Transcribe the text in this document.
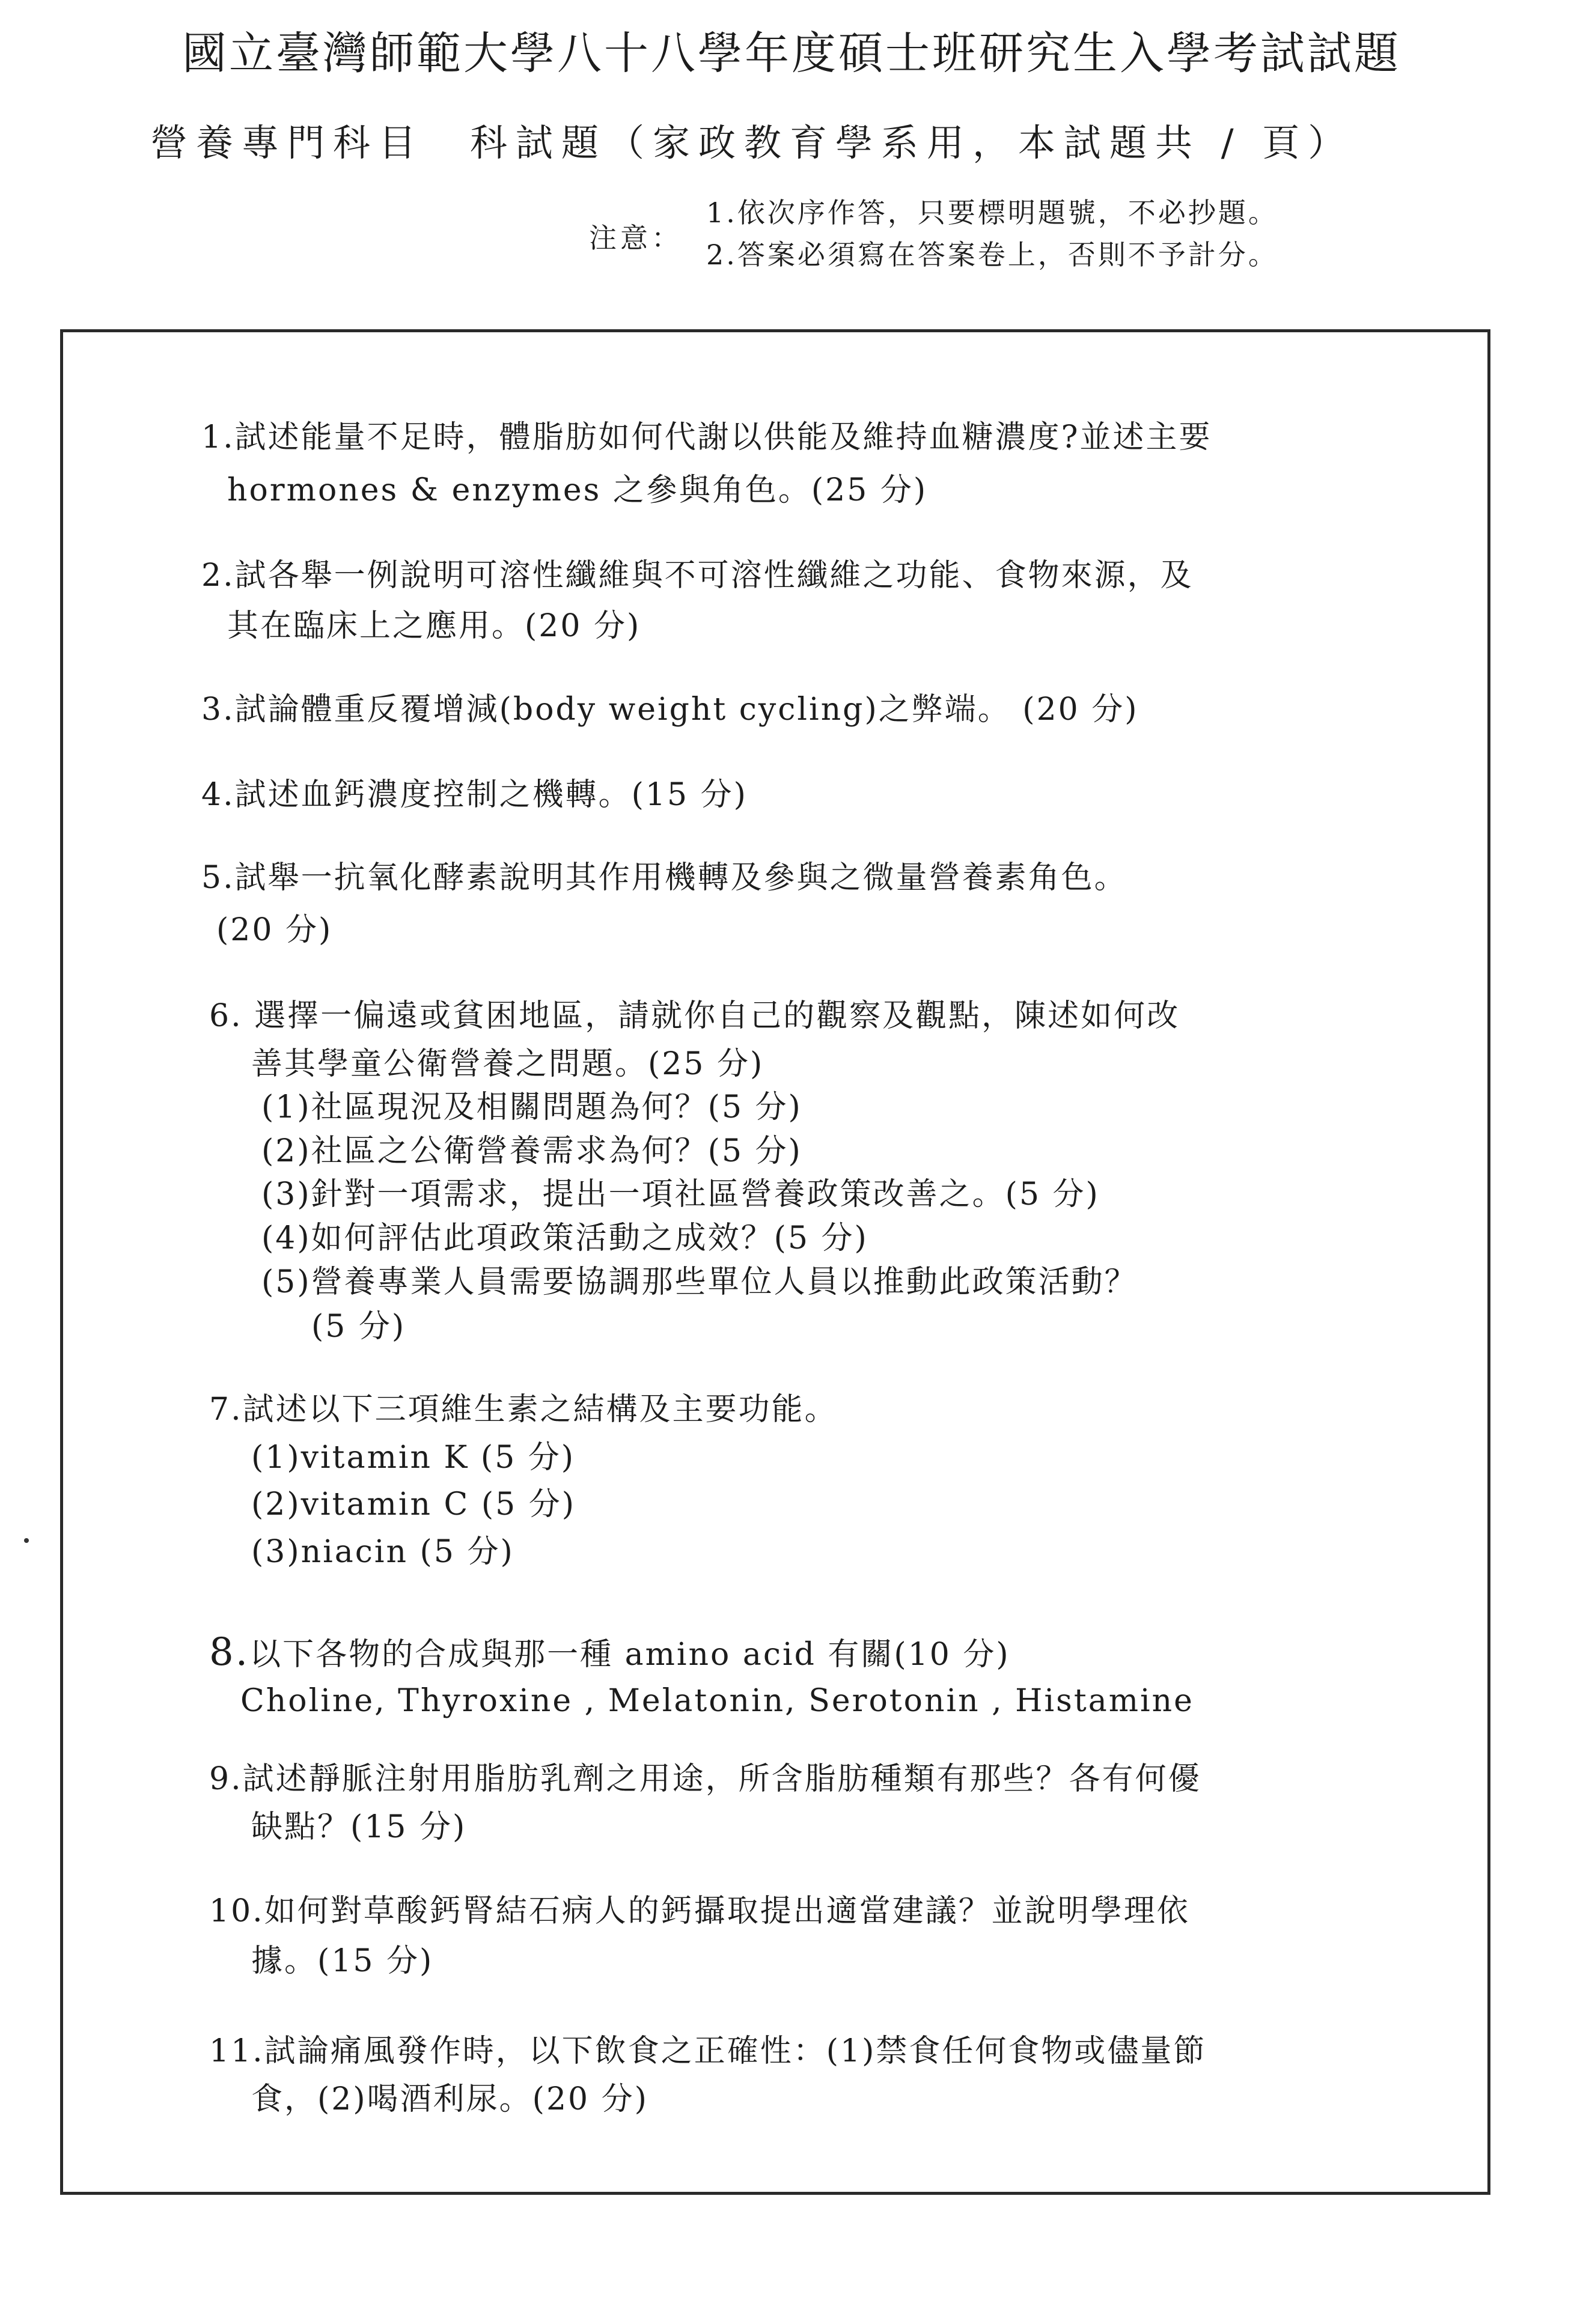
國立臺灣師範大學八十八學年度碩士班研究生入學考試試題
營養專門科目　科試題（家政教育學系用，本試題共 / 頁）
注意：
1.依次序作答，只要標明題號，不必抄題。
2.答案必須寫在答案卷上，否則不予計分。
1.試述能量不足時，體脂肪如何代謝以供能及維持血糖濃度?並述主要
hormones & enzymes 之參與角色。(25 分)
2.試各舉一例說明可溶性纖維與不可溶性纖維之功能、食物來源，及
其在臨床上之應用。(20 分)
3.試論體重反覆增減(body weight cycling)之弊端。 (20 分)
4.試述血鈣濃度控制之機轉。(15 分)
5.試舉一抗氧化酵素說明其作用機轉及參與之微量營養素角色。
(20 分)
6. 選擇一偏遠或貧困地區，請就你自己的觀察及觀點，陳述如何改
善其學童公衛營養之問題。(25 分)
(1)社區現況及相關問題為何？(5 分)
(2)社區之公衛營養需求為何？(5 分)
(3)針對一項需求，提出一項社區營養政策改善之。(5 分)
(4)如何評估此項政策活動之成效？(5 分)
(5)營養專業人員需要協調那些單位人員以推動此政策活動？
(5 分)
7.試述以下三項維生素之結構及主要功能。
(1)vitamin K (5 分)
(2)vitamin C (5 分)
(3)niacin (5 分)
8.以下各物的合成與那一種 amino acid 有關(10 分)
Choline, Thyroxine , Melatonin, Serotonin , Histamine
9.試述靜脈注射用脂肪乳劑之用途，所含脂肪種類有那些？各有何優
缺點？(15 分)
10.如何對草酸鈣腎結石病人的鈣攝取提出適當建議？並說明學理依
據。(15 分)
11.試論痛風發作時，以下飲食之正確性：(1)禁食任何食物或儘量節
食，(2)喝酒利尿。(20 分)
